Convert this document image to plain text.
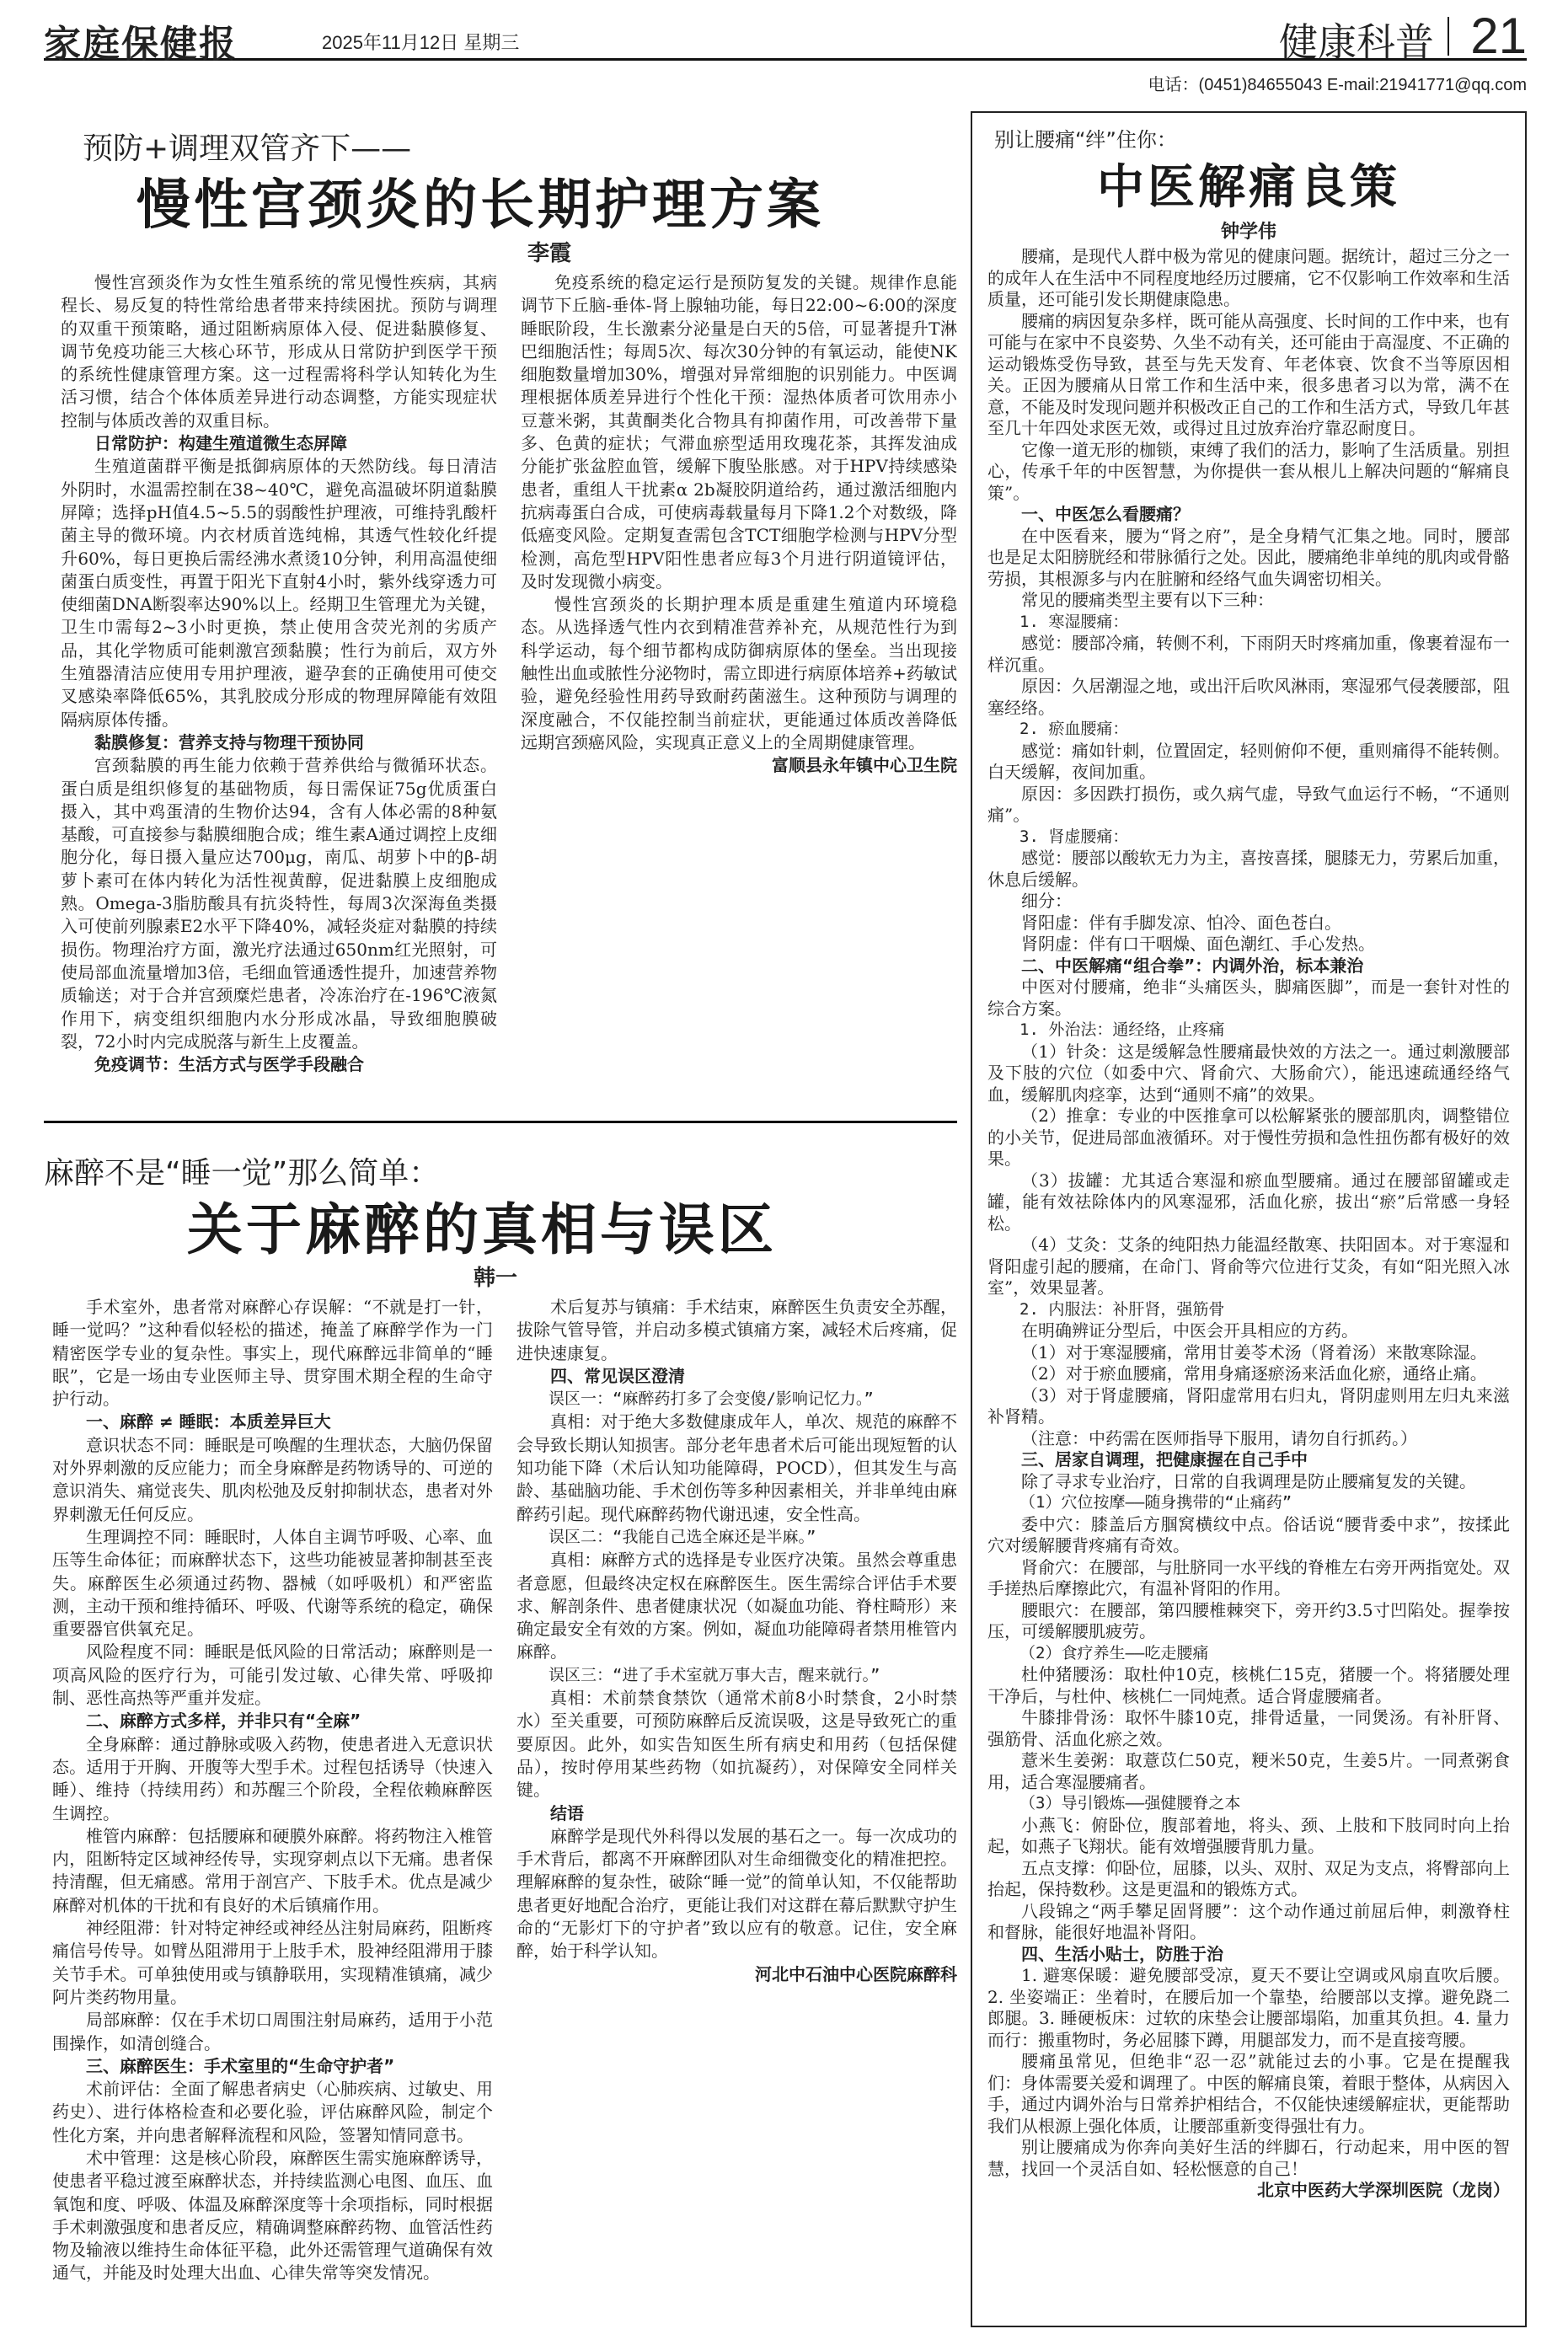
家庭保健报	2025年11月12日 星期三	健康科普 21
电话：(0451)84655043 E-mail:21941771@qq.com
预防+调理双管齐下——
慢性宫颈炎的长期护理方案
李霞

慢性宫颈炎作为女性生殖系统的常见慢性疾病，其病程长、易反复的特性常给患者带来持续困扰。预防与调理的双重干预策略，通过阻断病原体入侵、促进黏膜修复、调节免疫功能三大核心环节，形成从日常防护到医学干预的系统性健康管理方案。这一过程需将科学认知转化为生活习惯，结合个体体质差异进行动态调整，方能实现症状控制与体质改善的双重目标。

日常防护：构建生殖道微生态屏障

生殖道菌群平衡是抵御病原体的天然防线。每日清洁外阴时，水温需控制在38~40℃，避免高温破坏阴道黏膜屏障；选择pH值4.5~5.5的弱酸性护理液，可维持乳酸杆菌主导的微环境。内衣材质首选纯棉，其透气性较化纤提升60%，每日更换后需经沸水煮烫10分钟，利用高温使细菌蛋白质变性，再置于阳光下直射4小时，紫外线穿透力可使细菌DNA断裂率达90%以上。经期卫生管理尤为关键，卫生巾需每2~3小时更换，禁止使用含荧光剂的劣质产品，其化学物质可能刺激宫颈黏膜；性行为前后，双方外生殖器清洁应使用专用护理液，避孕套的正确使用可使交叉感染率降低65%，其乳胶成分形成的物理屏障能有效阻隔病原体传播。

黏膜修复：营养支持与物理干预协同

宫颈黏膜的再生能力依赖于营养供给与微循环状态。蛋白质是组织修复的基础物质，每日需保证75g优质蛋白摄入，其中鸡蛋清的生物价达94，含有人体必需的8种氨基酸，可直接参与黏膜细胞合成；维生素A通过调控上皮细胞分化，每日摄入量应达700μg，南瓜、胡萝卜中的β-胡萝卜素可在体内转化为活性视黄醇，促进黏膜上皮细胞成熟。Omega-3脂肪酸具有抗炎特性，每周3次深海鱼类摄入可使前列腺素E2水平下降40%，减轻炎症对黏膜的持续损伤。物理治疗方面，激光疗法通过650nm红光照射，可使局部血流量增加3倍，毛细血管通透性提升，加速营养物质输送；对于合并宫颈糜烂患者，冷冻治疗在-196℃液氮作用下，病变组织细胞内水分形成冰晶，导致细胞膜破裂，72小时内完成脱落与新生上皮覆盖。

免疫调节：生活方式与医学手段融合

免疫系统的稳定运行是预防复发的关键。规律作息能调节下丘脑-垂体-肾上腺轴功能，每日22:00~6:00的深度睡眠阶段，生长激素分泌量是白天的5倍，可显著提升T淋巴细胞活性；每周5次、每次30分钟的有氧运动，能使NK细胞数量增加30%，增强对异常细胞的识别能力。中医调理根据体质差异进行个性化干预：湿热体质者可饮用赤小豆薏米粥，其黄酮类化合物具有抑菌作用，可改善带下量多、色黄的症状；气滞血瘀型适用玫瑰花茶，其挥发油成分能扩张盆腔血管，缓解下腹坠胀感。对于HPV持续感染患者，重组人干扰素α 2b凝胶阴道给药，通过激活细胞内抗病毒蛋白合成，可使病毒载量每月下降1.2个对数级，降低癌变风险。定期复查需包含TCT细胞学检测与HPV分型检测，高危型HPV阳性患者应每3个月进行阴道镜评估，及时发现微小病变。

慢性宫颈炎的长期护理本质是重建生殖道内环境稳态。从选择透气性内衣到精准营养补充，从规范性行为到科学运动，每个细节都构成防御病原体的堡垒。当出现接触性出血或脓性分泌物时，需立即进行病原体培养+药敏试验，避免经验性用药导致耐药菌滋生。这种预防与调理的深度融合，不仅能控制当前症状，更能通过体质改善降低远期宫颈癌风险，实现真正意义上的全周期健康管理。

富顺县永年镇中心卫生院

麻醉不是“睡一觉”那么简单：
关于麻醉的真相与误区
韩一

手术室外，患者常对麻醉心存误解：“不就是打一针，睡一觉吗？”这种看似轻松的描述，掩盖了麻醉学作为一门精密医学专业的复杂性。事实上，现代麻醉远非简单的“睡眠”，它是一场由专业医师主导、贯穿围术期全程的生命守护行动。

一、麻醉 ≠ 睡眠：本质差异巨大

意识状态不同：睡眠是可唤醒的生理状态，大脑仍保留对外界刺激的反应能力；而全身麻醉是药物诱导的、可逆的意识消失、痛觉丧失、肌肉松弛及反射抑制状态，患者对外界刺激无任何反应。

生理调控不同：睡眠时，人体自主调节呼吸、心率、血压等生命体征；而麻醉状态下，这些功能被显著抑制甚至丧失。麻醉医生必须通过药物、器械（如呼吸机）和严密监测，主动干预和维持循环、呼吸、代谢等系统的稳定，确保重要器官供氧充足。

风险程度不同：睡眠是低风险的日常活动；麻醉则是一项高风险的医疗行为，可能引发过敏、心律失常、呼吸抑制、恶性高热等严重并发症。

二、麻醉方式多样，并非只有“全麻”

全身麻醉：通过静脉或吸入药物，使患者进入无意识状态。适用于开胸、开腹等大型手术。过程包括诱导（快速入睡）、维持（持续用药）和苏醒三个阶段，全程依赖麻醉医生调控。

椎管内麻醉：包括腰麻和硬膜外麻醉。将药物注入椎管内，阻断特定区域神经传导，实现穿刺点以下无痛。患者保持清醒，但无痛感。常用于剖宫产、下肢手术。优点是减少麻醉对机体的干扰和有良好的术后镇痛作用。

神经阻滞：针对特定神经或神经丛注射局麻药，阻断疼痛信号传导。如臂丛阻滞用于上肢手术，股神经阻滞用于膝关节手术。可单独使用或与镇静联用，实现精准镇痛，减少阿片类药物用量。

局部麻醉：仅在手术切口周围注射局麻药，适用于小范围操作，如清创缝合。

三、麻醉医生：手术室里的“生命守护者”

术前评估：全面了解患者病史（心肺疾病、过敏史、用药史）、进行体格检查和必要化验，评估麻醉风险，制定个性化方案，并向患者解释流程和风险，签署知情同意书。

术中管理：这是核心阶段，麻醉医生需实施麻醉诱导，使患者平稳过渡至麻醉状态，并持续监测心电图、血压、血氧饱和度、呼吸、体温及麻醉深度等十余项指标，同时根据手术刺激强度和患者反应，精确调整麻醉药物、血管活性药物及输液以维持生命体征平稳，此外还需管理气道确保有效通气，并能及时处理大出血、心律失常等突发情况。

术后复苏与镇痛：手术结束，麻醉医生负责安全苏醒，拔除气管导管，并启动多模式镇痛方案，减轻术后疼痛，促进快速康复。

四、常见误区澄清

误区一：“麻醉药打多了会变傻/影响记忆力。”

真相：对于绝大多数健康成年人，单次、规范的麻醉不会导致长期认知损害。部分老年患者术后可能出现短暂的认知功能下降（术后认知功能障碍，POCD），但其发生与高龄、基础脑功能、手术创伤等多种因素相关，并非单纯由麻醉药引起。现代麻醉药物代谢迅速，安全性高。

误区二：“我能自己选全麻还是半麻。”

真相：麻醉方式的选择是专业医疗决策。虽然会尊重患者意愿，但最终决定权在麻醉医生。医生需综合评估手术要求、解剖条件、患者健康状况（如凝血功能、脊柱畸形）来确定最安全有效的方案。例如，凝血功能障碍者禁用椎管内麻醉。

误区三：“进了手术室就万事大吉，醒来就行。”

真相：术前禁食禁饮（通常术前8小时禁食，2小时禁水）至关重要，可预防麻醉后反流误吸，这是导致死亡的重要原因。此外，如实告知医生所有病史和用药（包括保健品），按时停用某些药物（如抗凝药），对保障安全同样关键。

结语

麻醉学是现代外科得以发展的基石之一。每一次成功的手术背后，都离不开麻醉团队对生命细微变化的精准把控。理解麻醉的复杂性，破除“睡一觉”的简单认知，不仅能帮助患者更好地配合治疗，更能让我们对这群在幕后默默守护生命的“无影灯下的守护者”致以应有的敬意。记住，安全麻醉，始于科学认知。

河北中石油中心医院麻醉科

别让腰痛“绊”住你：
中医解痛良策
钟学伟

腰痛，是现代人群中极为常见的健康问题。据统计，超过三分之一的成年人在生活中不同程度地经历过腰痛，它不仅影响工作效率和生活质量，还可能引发长期健康隐患。

腰痛的病因复杂多样，既可能从高强度、长时间的工作中来，也有可能与在家中不良姿势、久坐不动有关，还可能由于高湿度、不正确的运动锻炼受伤导致，甚至与先天发育、年老体衰、饮食不当等原因相关。正因为腰痛从日常工作和生活中来，很多患者习以为常，满不在意，不能及时发现问题并积极改正自己的工作和生活方式，导致几年甚至几十年四处求医无效，或得过且过放弃治疗靠忍耐度日。

它像一道无形的枷锁，束缚了我们的活力，影响了生活质量。别担心，传承千年的中医智慧，为你提供一套从根儿上解决问题的“解痛良策”。

一、中医怎么看腰痛？

在中医看来，腰为“肾之府”，是全身精气汇集之地。同时，腰部也是足太阳膀胱经和带脉循行之处。因此，腰痛绝非单纯的肌肉或骨骼劳损，其根源多与内在脏腑和经络气血失调密切相关。

常见的腰痛类型主要有以下三种：

1. 寒湿腰痛：

感觉：腰部冷痛，转侧不利，下雨阴天时疼痛加重，像裹着湿布一样沉重。

原因：久居潮湿之地，或出汗后吹风淋雨，寒湿邪气侵袭腰部，阻塞经络。

2. 瘀血腰痛：

感觉：痛如针刺，位置固定，轻则俯仰不便，重则痛得不能转侧。白天缓解，夜间加重。

原因：多因跌打损伤，或久病气虚，导致气血运行不畅，“不通则痛”。

3. 肾虚腰痛：

感觉：腰部以酸软无力为主，喜按喜揉，腿膝无力，劳累后加重，休息后缓解。

细分：

肾阳虚：伴有手脚发凉、怕冷、面色苍白。

肾阴虚：伴有口干咽燥、面色潮红、手心发热。

二、中医解痛“组合拳”：内调外治，标本兼治

中医对付腰痛，绝非“头痛医头，脚痛医脚”，而是一套针对性的综合方案。

1. 外治法：通经络，止疼痛

（1）针灸：这是缓解急性腰痛最快效的方法之一。通过刺激腰部及下肢的穴位（如委中穴、肾俞穴、大肠俞穴），能迅速疏通经络气血，缓解肌肉痉挛，达到“通则不痛”的效果。

（2）推拿：专业的中医推拿可以松解紧张的腰部肌肉，调整错位的小关节，促进局部血液循环。对于慢性劳损和急性扭伤都有极好的效果。

（3）拔罐：尤其适合寒湿和瘀血型腰痛。通过在腰部留罐或走罐，能有效祛除体内的风寒湿邪，活血化瘀，拔出“瘀”后常感一身轻松。

（4）艾灸：艾条的纯阳热力能温经散寒、扶阳固本。对于寒湿和肾阳虚引起的腰痛，在命门、肾俞等穴位进行艾灸，有如“阳光照入冰室”，效果显著。

2. 内服法：补肝肾，强筋骨

在明确辨证分型后，中医会开具相应的方药。

（1）对于寒湿腰痛，常用甘姜苓术汤（肾着汤）来散寒除湿。

（2）对于瘀血腰痛，常用身痛逐瘀汤来活血化瘀，通络止痛。

（3）对于肾虚腰痛，肾阳虚常用右归丸，肾阴虚则用左归丸来滋补肾精。

（注意：中药需在医师指导下服用，请勿自行抓药。）

三、居家自调理，把健康握在自己手中

除了寻求专业治疗，日常的自我调理是防止腰痛复发的关键。

（1）穴位按摩——随身携带的“止痛药”

委中穴：膝盖后方腘窝横纹中点。俗话说“腰背委中求”，按揉此穴对缓解腰背疼痛有奇效。

肾俞穴：在腰部，与肚脐同一水平线的脊椎左右旁开两指宽处。双手搓热后摩擦此穴，有温补肾阳的作用。

腰眼穴：在腰部，第四腰椎棘突下，旁开约3.5寸凹陷处。握拳按压，可缓解腰肌疲劳。

（2）食疗养生——吃走腰痛

杜仲猪腰汤：取杜仲10克，核桃仁15克，猪腰一个。将猪腰处理干净后，与杜仲、核桃仁一同炖煮。适合肾虚腰痛者。

牛膝排骨汤：取怀牛膝10克，排骨适量，一同煲汤。有补肝肾、强筋骨、活血化瘀之效。

薏米生姜粥：取薏苡仁50克，粳米50克，生姜5片。一同煮粥食用，适合寒湿腰痛者。

（3）导引锻炼——强健腰脊之本

小燕飞：俯卧位，腹部着地，将头、颈、上肢和下肢同时向上抬起，如燕子飞翔状。能有效增强腰背肌力量。

五点支撑：仰卧位，屈膝，以头、双肘、双足为支点，将臀部向上抬起，保持数秒。这是更温和的锻炼方式。

八段锦之“两手攀足固肾腰”：这个动作通过前屈后伸，刺激脊柱和督脉，能很好地温补肾阳。

四、生活小贴士，防胜于治

1. 避寒保暖：避免腰部受凉，夏天不要让空调或风扇直吹后腰。2. 坐姿端正：坐着时，在腰后加一个靠垫，给腰部以支撑。避免跷二郎腿。3. 睡硬板床：过软的床垫会让腰部塌陷，加重其负担。4. 量力而行：搬重物时，务必屈膝下蹲，用腿部发力，而不是直接弯腰。

腰痛虽常见，但绝非“忍一忍”就能过去的小事。它是在提醒我们：身体需要关爱和调理了。中医的解痛良策，着眼于整体，从病因入手，通过内调外治与日常养护相结合，不仅能快速缓解症状，更能帮助我们从根源上强化体质，让腰部重新变得强壮有力。

别让腰痛成为你奔向美好生活的绊脚石，行动起来，用中医的智慧，找回一个灵活自如、轻松惬意的自己！

北京中医药大学深圳医院（龙岗）
